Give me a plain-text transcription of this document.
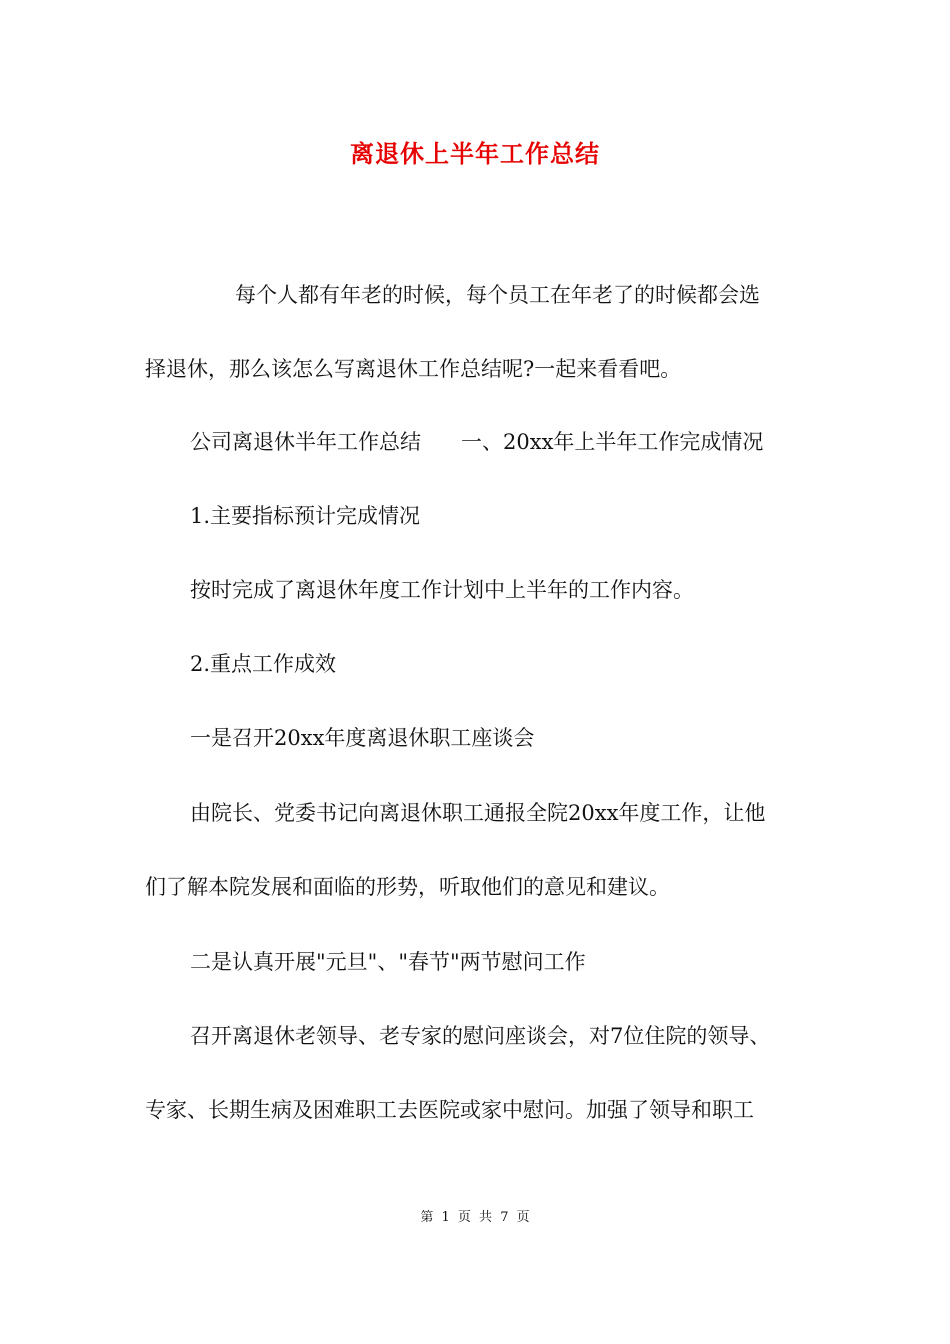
离退休上半年工作总结
每个人都有年老的时候，每个员工在年老了的时候都会选
择退休，那么该怎么写离退休工作总结呢?一起来看看吧。
公司离退休半年工作总结 一、20xx年上半年工作完成情况
1.主要指标预计完成情况
按时完成了离退休年度工作计划中上半年的工作内容。
2.重点工作成效
一是召开20xx年度离退休职工座谈会
由院长、党委书记向离退休职工通报全院20xx年度工作，让他
们了解本院发展和面临的形势，听取他们的意见和建议。
二是认真开展"元旦"、"春节"两节慰问工作
召开离退休老领导、老专家的慰问座谈会，对7位住院的领导、
专家、长期生病及困难职工去医院或家中慰问。加强了领导和职工
第 1 页 共 7 页
